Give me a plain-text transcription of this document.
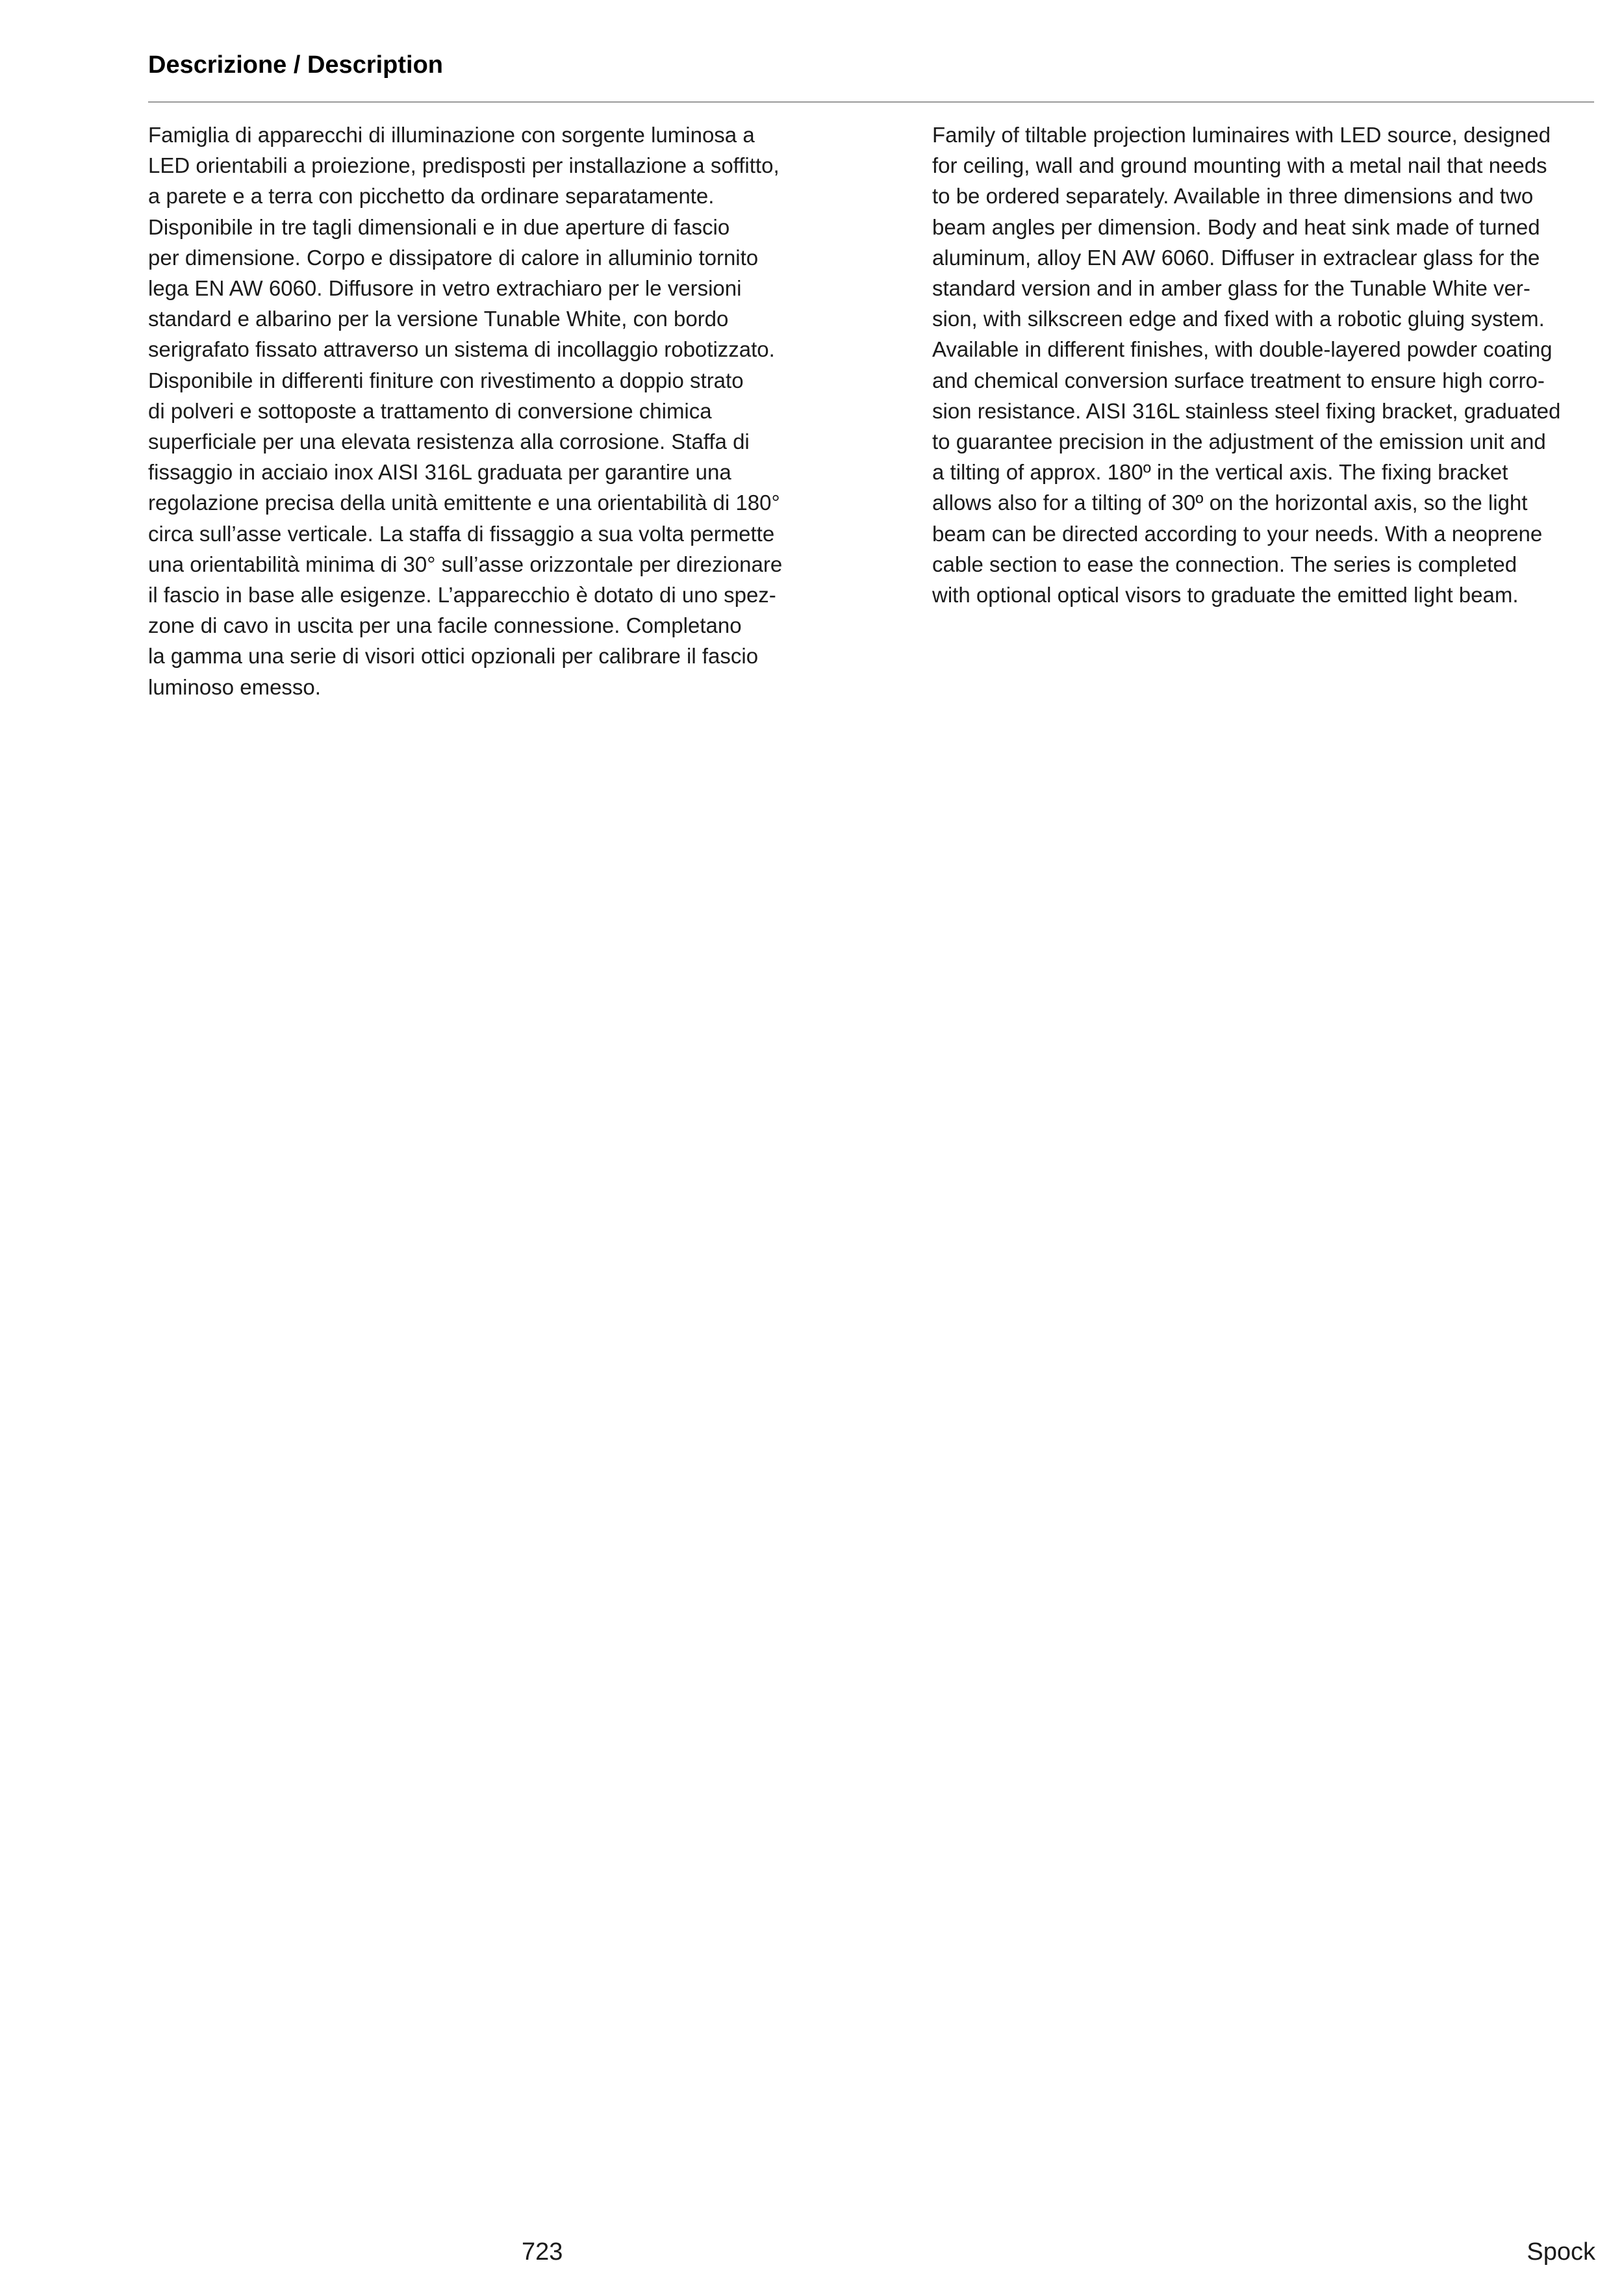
Descrizione / Description

Famiglia di apparecchi di illuminazione con sorgente luminosa a
LED orientabili a proiezione, predisposti per installazione a soffitto,
a parete e a terra con picchetto da ordinare separatamente.
Disponibile in tre tagli dimensionali e in due aperture di fascio
per dimensione. Corpo e dissipatore di calore in alluminio tornito
lega EN AW 6060. Diffusore in vetro extrachiaro per le versioni
standard e albarino per la versione Tunable White, con bordo
serigrafato fissato attraverso un sistema di incollaggio robotizzato.
Disponibile in differenti finiture con rivestimento a doppio strato
di polveri e sottoposte a trattamento di conversione chimica
superficiale per una elevata resistenza alla corrosione. Staffa di
fissaggio in acciaio inox AISI 316L graduata per garantire una
regolazione precisa della unità emittente e una orientabilità di 180°
circa sull’asse verticale. La staffa di fissaggio a sua volta permette
una orientabilità minima di 30° sull’asse orizzontale per direzionare
il fascio in base alle esigenze. L’apparecchio è dotato di uno spez-
zone di cavo in uscita per una facile connessione. Completano
la gamma una serie di visori ottici opzionali per calibrare il fascio
luminoso emesso.

Family of tiltable projection luminaires with LED source, designed
for ceiling, wall and ground mounting with a metal nail that needs
to be ordered separately. Available in three dimensions and two
beam angles per dimension. Body and heat sink made of turned
aluminum, alloy EN AW 6060. Diffuser in extraclear glass for the
standard version and in amber glass for the Tunable White ver-
sion, with silkscreen edge and fixed with a robotic gluing system.
Available in different finishes, with double-layered powder coating
and chemical conversion surface treatment to ensure high corro-
sion resistance. AISI 316L stainless steel fixing bracket, graduated
to guarantee precision in the adjustment of the emission unit and
a tilting of approx. 180º in the vertical axis. The fixing bracket
allows also for a tilting of 30º on the horizontal axis, so the light
beam can be directed according to your needs. With a neoprene
cable section to ease the connection. The series is completed
with optional optical visors to graduate the emitted light beam.

723	Spock
